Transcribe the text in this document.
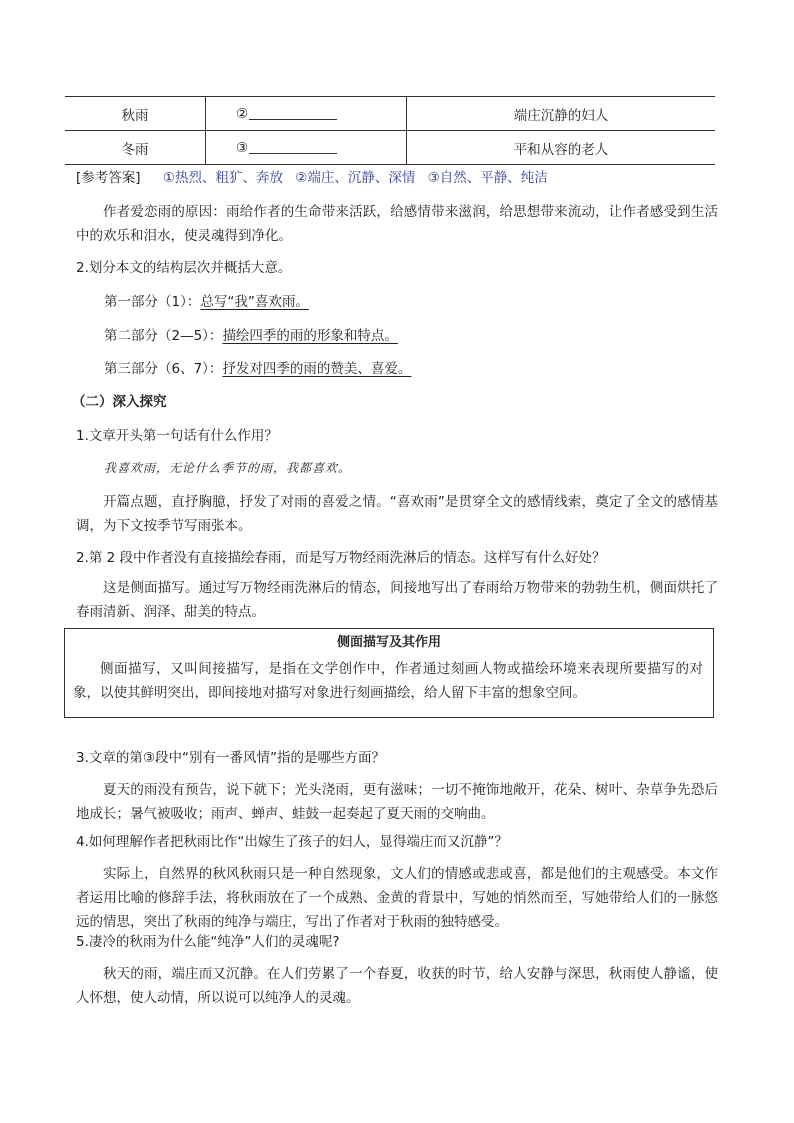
秋雨	②	端庄沉静的妇人
冬雨	③	平和从容的老人
[参考答案] ①热烈、粗犷、奔放 ②端庄、沉静、深情 ③自然、平静、纯洁

作者爱恋雨的原因：雨给作者的生命带来活跃，给感情带来滋润，给思想带来流动，让作者感受到生活中的欢乐和泪水，使灵魂得到净化。

2.划分本文的结构层次并概括大意。

第一部分（1）：总写“我”喜欢雨。

第二部分（2—5）：描绘四季的雨的形象和特点。

第三部分（6、7）：抒发对四季的雨的赞美、喜爱。

（二）深入探究

1.文章开头第一句话有什么作用？

我喜欢雨，无论什么季节的雨，我都喜欢。

开篇点题，直抒胸臆，抒发了对雨的喜爱之情。“喜欢雨”是贯穿全文的感情线索，奠定了全文的感情基调，为下文按季节写雨张本。

2.第 2 段中作者没有直接描绘春雨，而是写万物经雨洗淋后的情态。这样写有什么好处？

这是侧面描写。通过写万物经雨洗淋后的情态，间接地写出了春雨给万物带来的勃勃生机，侧面烘托了春雨清新、润泽、甜美的特点。

侧面描写及其作用

侧面描写，又叫间接描写，是指在文学创作中，作者通过刻画人物或描绘环境来表现所要描写的对象，以使其鲜明突出，即间接地对描写对象进行刻画描绘，给人留下丰富的想象空间。

3.文章的第③段中“别有一番风情”指的是哪些方面？

夏天的雨没有预告，说下就下；光头浇雨，更有滋味；一切不掩饰地敞开，花朵、树叶、杂草争先恐后地成长；暑气被吸收；雨声、蝉声、蛙鼓一起奏起了夏天雨的交响曲。

4.如何理解作者把秋雨比作“出嫁生了孩子的妇人，显得端庄而又沉静”？

实际上，自然界的秋风秋雨只是一种自然现象，文人们的情感或悲或喜，都是他们的主观感受。本文作者运用比喻的修辞手法，将秋雨放在了一个成熟、金黄的背景中，写她的悄然而至，写她带给人们的一脉悠远的情思，突出了秋雨的纯净与端庄，写出了作者对于秋雨的独特感受。

5.凄冷的秋雨为什么能“纯净”人们的灵魂呢?

秋天的雨，端庄而又沉静。在人们劳累了一个春夏，收获的时节，给人安静与深思，秋雨使人静谧，使人怀想，使人动情，所以说可以纯净人的灵魂。
